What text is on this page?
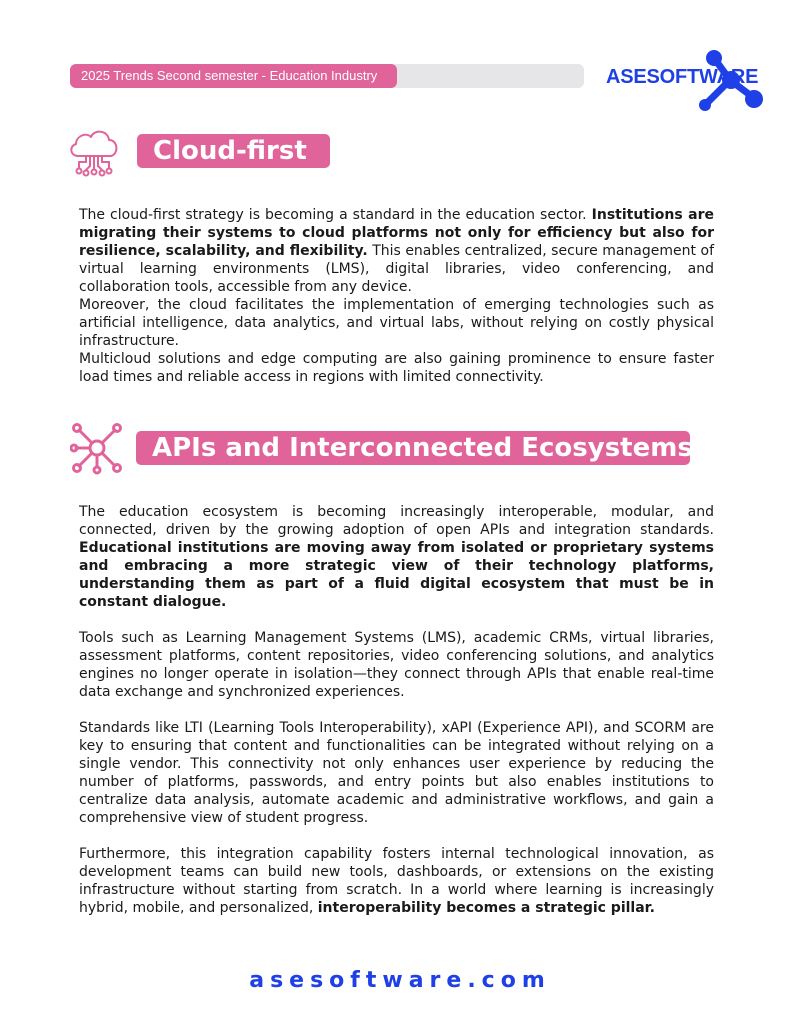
2025 Trends Second semester - Education Industry	ASESOFTWARE
Cloud-first

The cloud-first strategy is becoming a standard in the education sector. Institutions are migrating their systems to cloud platforms not only for efficiency but also for resilience, scalability, and flexibility. This enables centralized, secure management of virtual learning environments (LMS), digital libraries, video conferencing, and collaboration tools, accessible from any device.

Moreover, the cloud facilitates the implementation of emerging technologies such as artificial intelligence, data analytics, and virtual labs, without relying on costly physical infrastructure.

Multicloud solutions and edge computing are also gaining prominence to ensure faster load times and reliable access in regions with limited connectivity.

APIs and Interconnected Ecosystems

The education ecosystem is becoming increasingly interoperable, modular, and connected, driven by the growing adoption of open APIs and integration standards. Educational institutions are moving away from isolated or proprietary systems and embracing a more strategic view of their technology platforms, understanding them as part of a fluid digital ecosystem that must be in constant dialogue.

Tools such as Learning Management Systems (LMS), academic CRMs, virtual libraries, assessment platforms, content repositories, video conferencing solutions, and analytics engines no longer operate in isolation—they connect through APIs that enable real-time data exchange and synchronized experiences.

Standards like LTI (Learning Tools Interoperability), xAPI (Experience API), and SCORM are key to ensuring that content and functionalities can be integrated without relying on a single vendor. This connectivity not only enhances user experience by reducing the number of platforms, passwords, and entry points but also enables institutions to centralize data analysis, automate academic and administrative workflows, and gain a comprehensive view of student progress.

Furthermore, this integration capability fosters internal technological innovation, as development teams can build new tools, dashboards, or extensions on the existing infrastructure without starting from scratch. In a world where learning is increasingly hybrid, mobile, and personalized, interoperability becomes a strategic pillar.

asesoftware.com
